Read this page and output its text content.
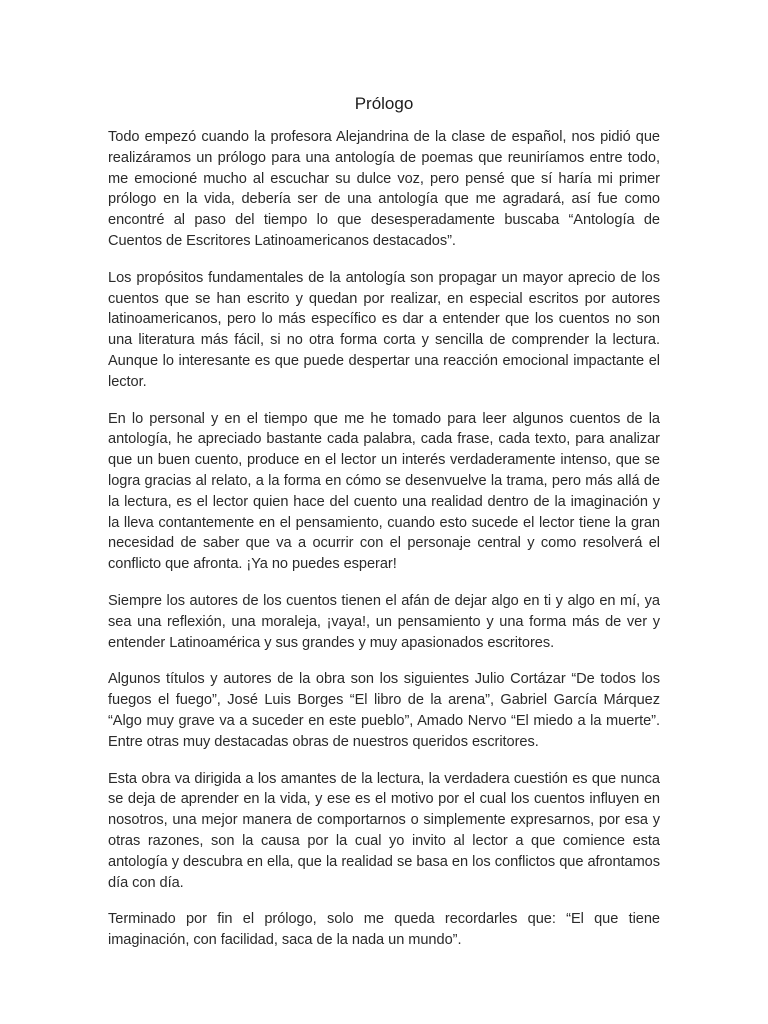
Prólogo

Todo empezó cuando la profesora Alejandrina de la clase de español, nos pidió que realizáramos un prólogo para una antología de poemas que reuniríamos entre todo, me emocioné mucho al escuchar su dulce voz, pero pensé que sí haría mi primer prólogo en la vida, debería ser de una antología que me agradará, así fue como encontré al paso del tiempo lo que desesperadamente buscaba “Antología de Cuentos de Escritores Latinoamericanos destacados”.

Los propósitos fundamentales de la antología son propagar un mayor aprecio de los cuentos que se han escrito y quedan por realizar, en especial escritos por autores latinoamericanos, pero lo más específico es dar a entender que los cuentos no son una literatura más fácil, si no otra forma corta y sencilla de comprender la lectura. Aunque lo interesante es que puede despertar una reacción emocional impactante el lector.

En lo personal y en el tiempo que me he tomado para leer algunos cuentos de la antología, he apreciado bastante cada palabra, cada frase, cada texto, para analizar que un buen cuento, produce en el lector un interés verdaderamente intenso, que se logra gracias al relato, a la forma en cómo se desenvuelve la trama, pero más allá de la lectura, es el lector quien hace del cuento una realidad dentro de la imaginación y la lleva contantemente en el pensamiento, cuando esto sucede el lector tiene la gran necesidad de saber que va a ocurrir con el personaje central y como resolverá el conflicto que afronta. ¡Ya no puedes esperar!

Siempre los autores de los cuentos tienen el afán de dejar algo en ti y algo en mí, ya sea una reflexión, una moraleja, ¡vaya!, un pensamiento y una forma más de ver y entender Latinoamérica y sus grandes y muy apasionados escritores.

Algunos títulos y autores de la obra son los siguientes Julio Cortázar “De todos los fuegos el fuego”, José Luis Borges “El libro de la arena”, Gabriel García Márquez “Algo muy grave va a suceder en este pueblo”, Amado Nervo “El miedo a la muerte”. Entre otras muy destacadas obras de nuestros queridos escritores.

Esta obra va dirigida a los amantes de la lectura, la verdadera cuestión es que nunca se deja de aprender en la vida, y ese es el motivo por el cual los cuentos influyen en nosotros, una mejor manera de comportarnos o simplemente expresarnos, por esa y otras razones, son la causa por la cual yo invito al lector a que comience esta antología y descubra en ella, que la realidad se basa en los conflictos que afrontamos día con día.

Terminado por fin el prólogo, solo me queda recordarles que: “El que tiene imaginación, con facilidad, saca de la nada un mundo”.
